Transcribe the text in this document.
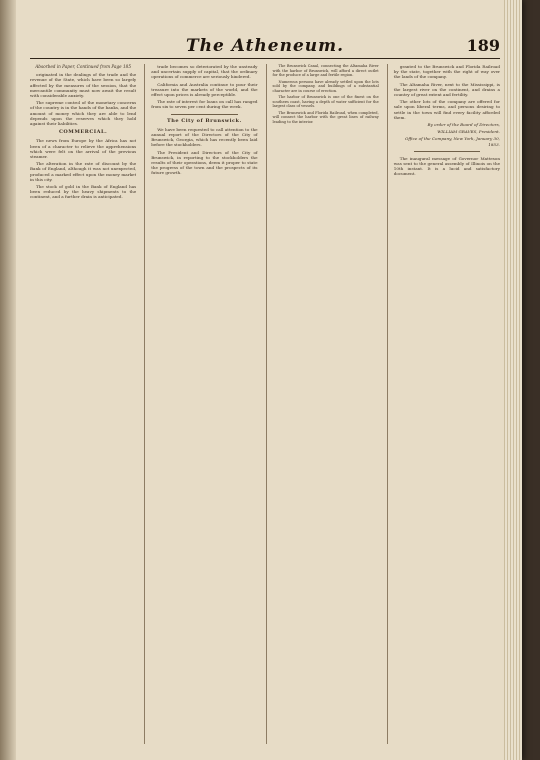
The Atheneum.	189
Absorbed in Paper, Continued from Page 185

originated in the dealings of the trade and the revenue of the State, which have been so largely affected by the measures of the session, that the mercantile community must now await the result with considerable anxiety.

The supreme control of the monetary concerns of the country is in the hands of the banks, and the amount of money which they are able to lend depends upon the reserves which they hold against their liabilities.

COMMERCIAL.

The news from Europe by the Africa has not been of a character to relieve the apprehensions which were felt on the arrival of the previous steamer.

The alteration in the rate of discount by the Bank of England, although it was not unexpected, produced a marked effect upon the money market in this city.

The stock of gold in the Bank of England has been reduced by the heavy shipments to the continent, and a further drain is anticipated.

trade becomes so deteriorated by the unsteady and uncertain supply of capital, that the ordinary operations of commerce are seriously hindered.

California and Australia continue to pour their treasure into the markets of the world, and the effect upon prices is already perceptible.

The rate of interest for loans on call has ranged from six to seven per cent during the week.

The City of Brunswick.

We have been requested to call attention to the annual report of the Directors of the City of Brunswick, Georgia, which has recently been laid before the stockholders.

The President and Directors of the City of Brunswick, in reporting to the stockholders the results of their operations, deem it proper to state the progress of the town and the prospects of its future growth.

The Brunswick Canal, connecting the Altamaha River with the harbor of Brunswick, will afford a direct outlet for the produce of a large and fertile region.

Numerous persons have already settled upon the lots sold by the company, and buildings of a substantial character are in course of erection.

The harbor of Brunswick is one of the finest on the southern coast, having a depth of water sufficient for the largest class of vessels.

The Brunswick and Florida Railroad, when completed, will connect the harbor with the great lines of railway leading to the interior.

granted to the Brunswick and Florida Railroad by the state, together with the right of way over the lands of the company.

The Altamaha River, next to the Mississippi, is the largest river on the continent, and drains a country of great extent and fertility.

The other lots of the company are offered for sale upon liberal terms, and persons desiring to settle in the town will find every facility afforded them.

By order of the Board of Directors,

WILLIAM GRAVES, President.

Office of the Company, New York, January 30, 1853.

The inaugural message of Governor Matteson was sent to the general assembly of Illinois on the 10th instant. It is a lucid and satisfactory document.
